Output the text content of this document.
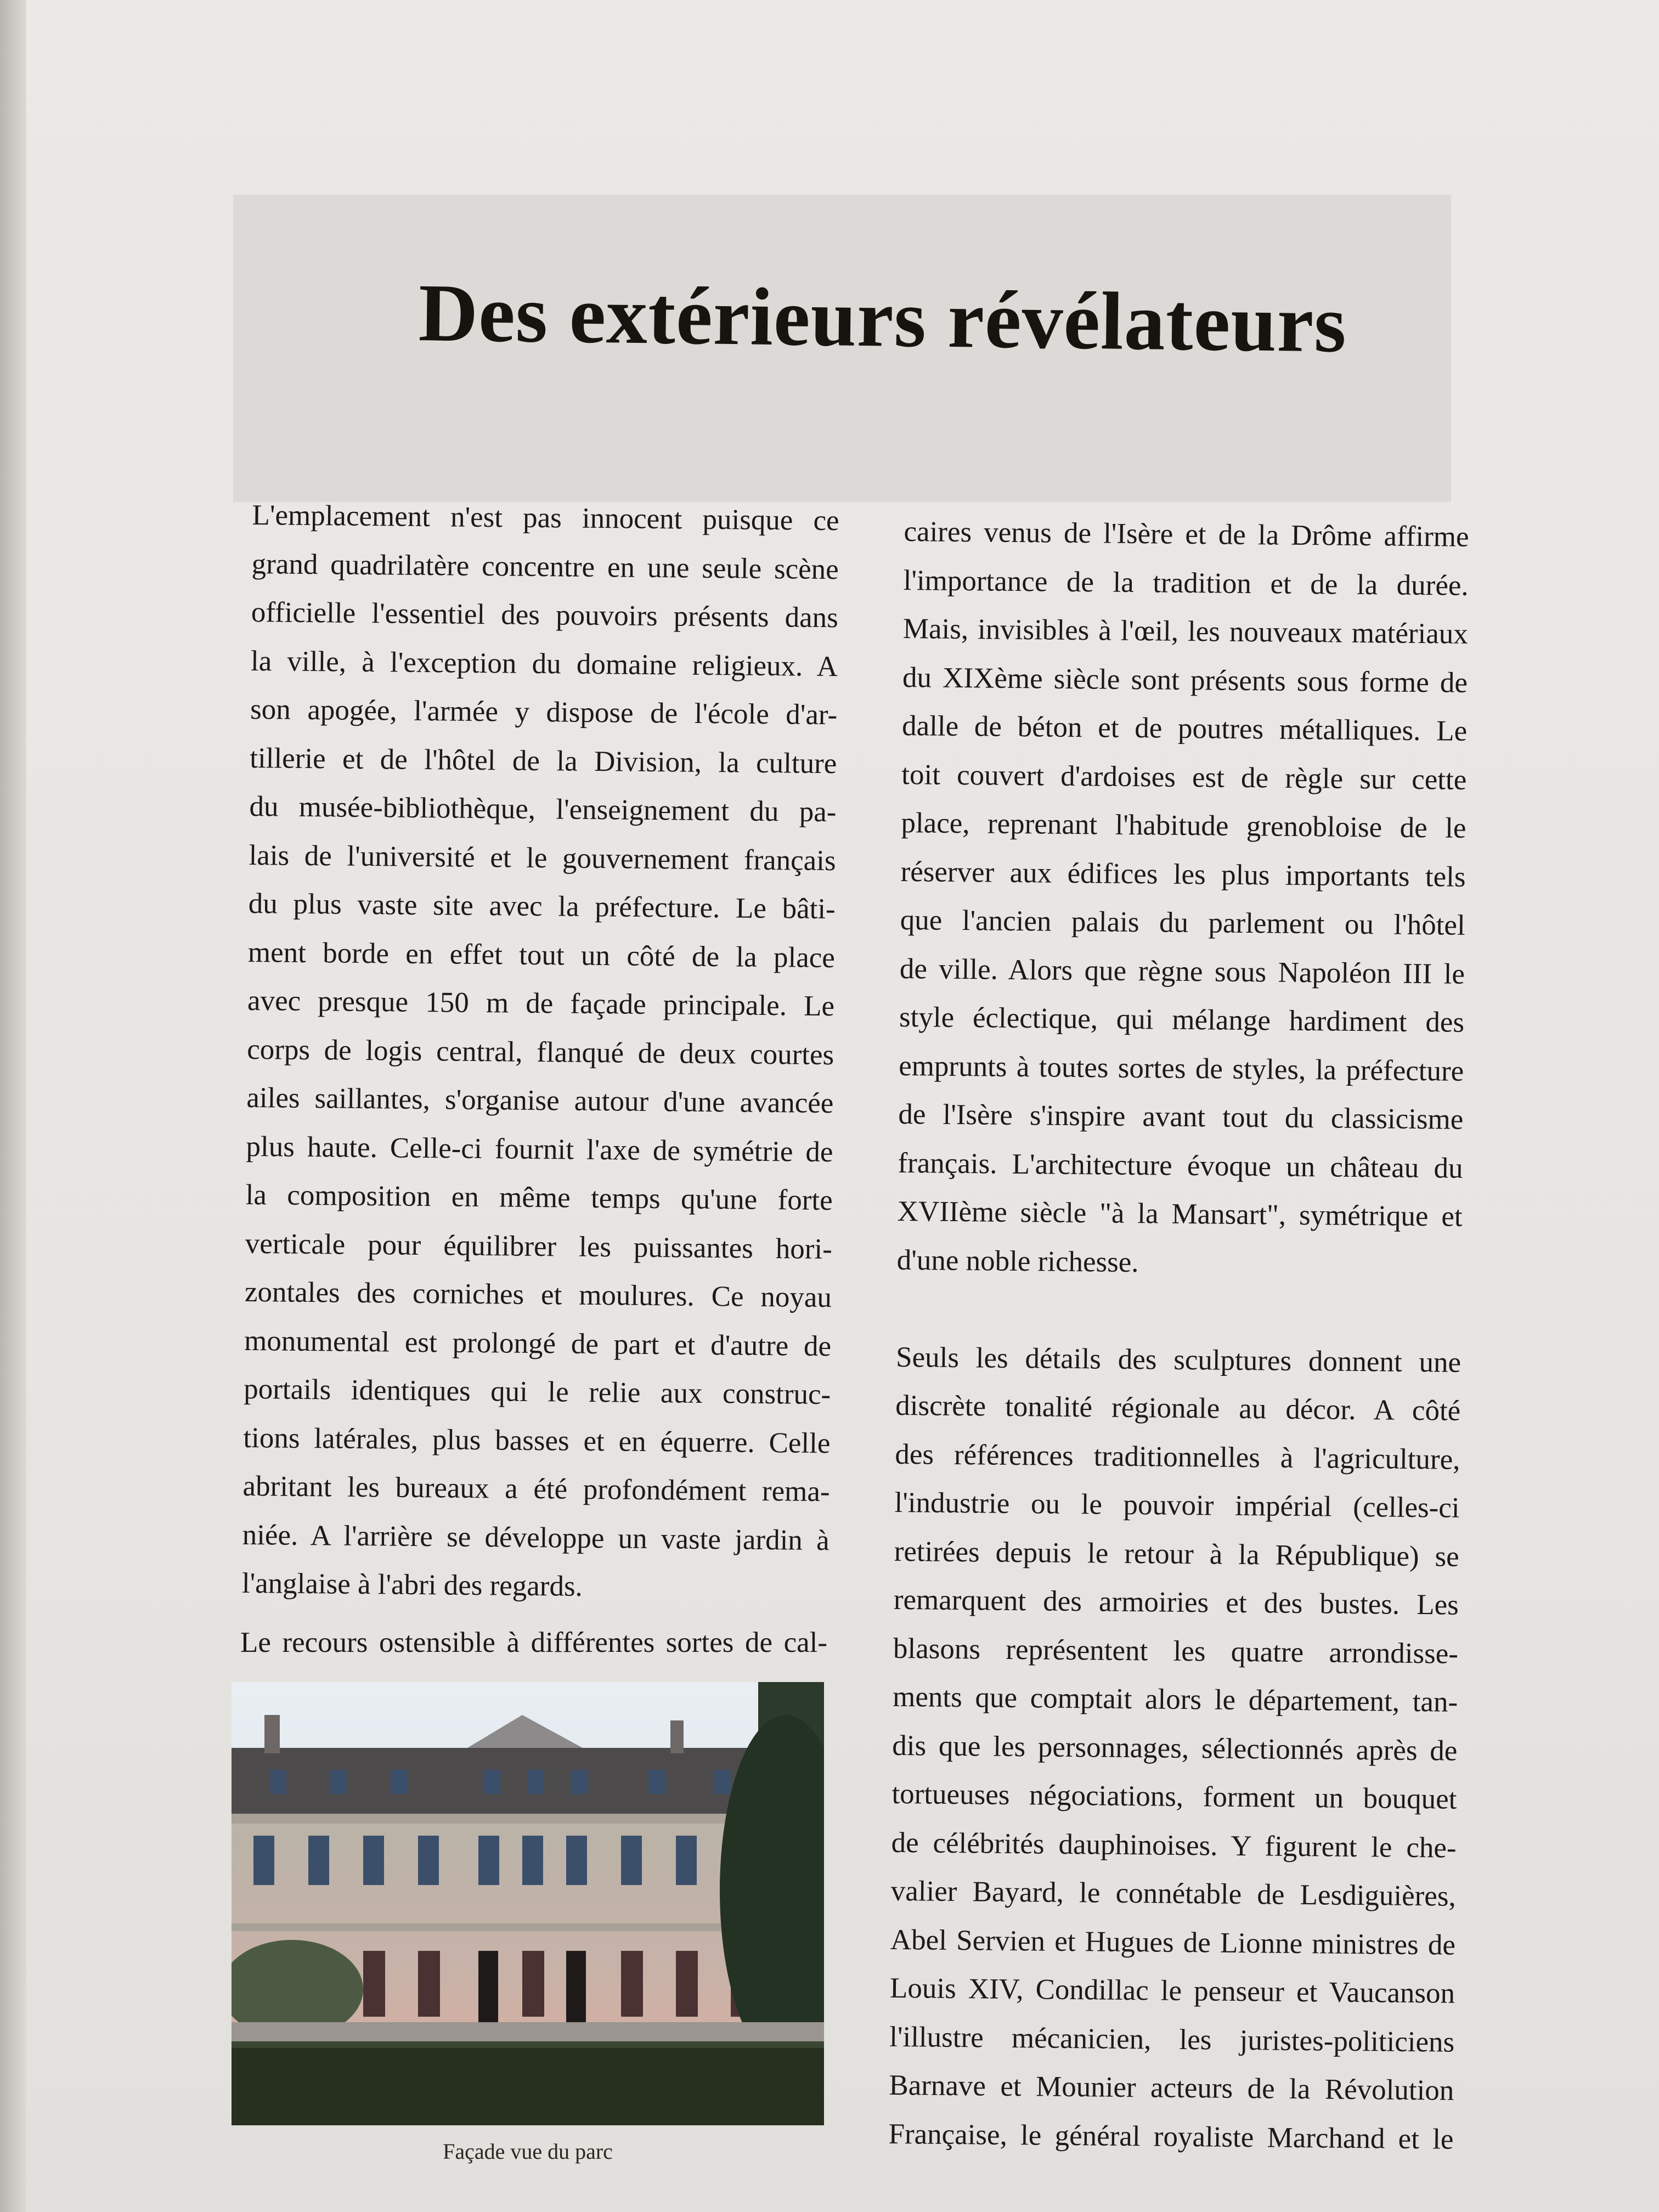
Des extérieurs révélateurs
L'emplacement n'est pas innocent puisque ce
grand quadrilatère concentre en une seule scène
officielle l'essentiel des pouvoirs présents dans
la ville, à l'exception du domaine religieux. A
son apogée, l'armée y dispose de l'école d'ar-
tillerie et de l'hôtel de la Division, la culture
du musée-bibliothèque, l'enseignement du pa-
lais de l'université et le gouvernement français
du plus vaste site avec la préfecture. Le bâti-
ment borde en effet tout un côté de la place
avec presque 150 m de façade principale. Le
corps de logis central, flanqué de deux courtes
ailes saillantes, s'organise autour d'une avancée
plus haute. Celle-ci fournit l'axe de symétrie de
la composition en même temps qu'une forte
verticale pour équilibrer les puissantes hori-
zontales des corniches et moulures. Ce noyau
monumental est prolongé de part et d'autre de
portails identiques qui le relie aux construc-
tions latérales, plus basses et en équerre. Celle
abritant les bureaux a été profondément rema-
niée. A l'arrière se développe un vaste jardin à
l'anglaise à l'abri des regards.
Le recours ostensible à différentes sortes de cal-
caires venus de l'Isère et de la Drôme affirme
l'importance de la tradition et de la durée.
Mais, invisibles à l'œil, les nouveaux matériaux
du XIXème siècle sont présents sous forme de
dalle de béton et de poutres métalliques. Le
toit couvert d'ardoises est de règle sur cette
place, reprenant l'habitude grenobloise de le
réserver aux édifices les plus importants tels
que l'ancien palais du parlement ou l'hôtel
de ville. Alors que règne sous Napoléon III le
style éclectique, qui mélange hardiment des
emprunts à toutes sortes de styles, la préfecture
de l'Isère s'inspire avant tout du classicisme
français. L'architecture évoque un château du
XVIIème siècle "à la Mansart", symétrique et
d'une noble richesse.
Seuls les détails des sculptures donnent une
discrète tonalité régionale au décor. A côté
des références traditionnelles à l'agriculture,
l'industrie ou le pouvoir impérial (celles-ci
retirées depuis le retour à la République) se
remarquent des armoiries et des bustes. Les
blasons représentent les quatre arrondisse-
ments que comptait alors le département, tan-
dis que les personnages, sélectionnés après de
tortueuses négociations, forment un bouquet
de célébrités dauphinoises. Y figurent le che-
valier Bayard, le connétable de Lesdiguières,
Abel Servien et Hugues de Lionne ministres de
Louis XIV, Condillac le penseur et Vaucanson
l'illustre mécanicien, les juristes-politiciens
Barnave et Mounier acteurs de la Révolution
Française, le général royaliste Marchand et le
Façade vue du parc
